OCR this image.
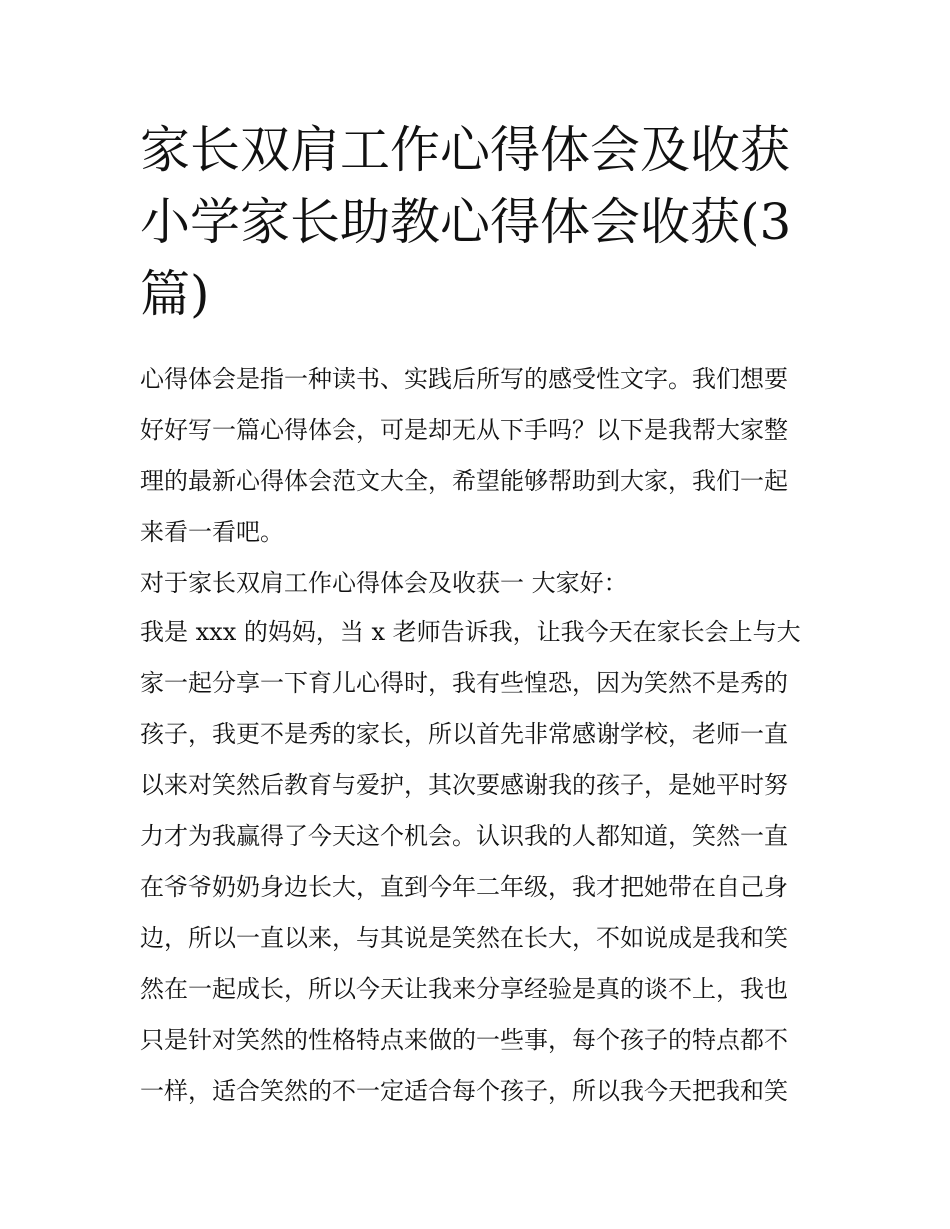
家长双肩工作心得体会及收获
小学家长助教心得体会收获(3
篇)
心得体会是指一种读书、实践后所写的感受性文字。我们想要
好好写一篇心得体会，可是却无从下手吗？以下是我帮大家整
理的最新心得体会范文大全，希望能够帮助到大家，我们一起
来看一看吧。
对于家长双肩工作心得体会及收获一 大家好：
我是 xxx 的妈妈，当 x 老师告诉我，让我今天在家长会上与大
家一起分享一下育儿心得时，我有些惶恐，因为笑然不是秀的
孩子，我更不是秀的家长，所以首先非常感谢学校，老师一直
以来对笑然后教育与爱护，其次要感谢我的孩子，是她平时努
力才为我赢得了今天这个机会。认识我的人都知道，笑然一直
在爷爷奶奶身边长大，直到今年二年级，我才把她带在自己身
边，所以一直以来，与其说是笑然在长大，不如说成是我和笑
然在一起成长，所以今天让我来分享经验是真的谈不上，我也
只是针对笑然的性格特点来做的一些事，每个孩子的特点都不
一样，适合笑然的不一定适合每个孩子，所以我今天把我和笑
